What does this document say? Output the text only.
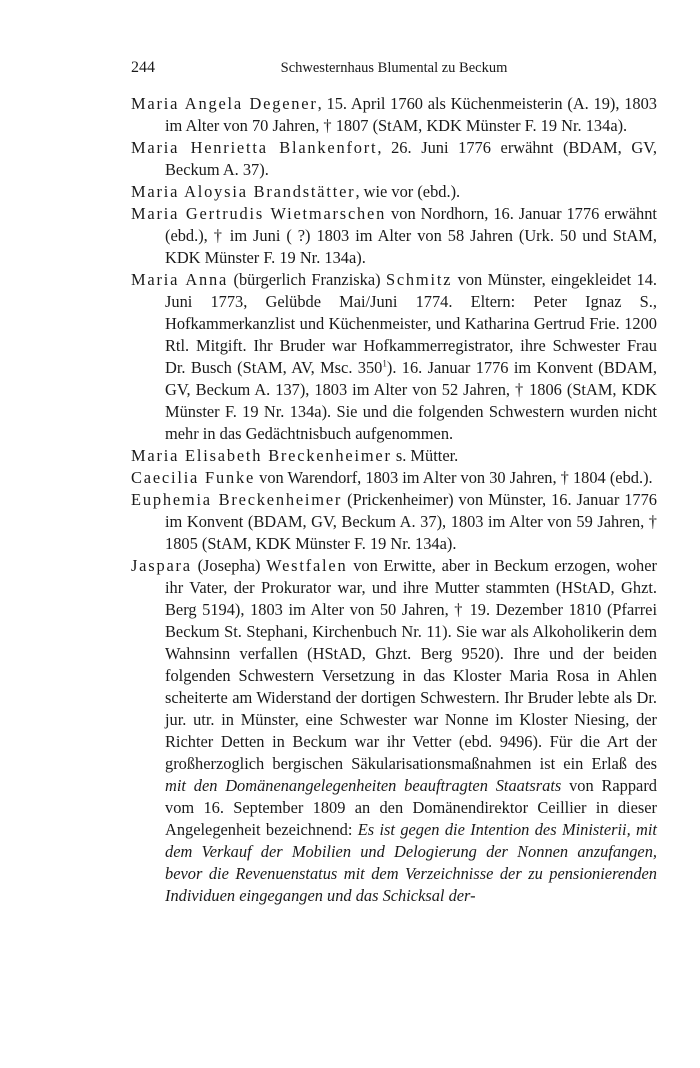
244	Schwesternhaus Blumental zu Beckum

Maria Angela Degener, 15. April 1760 als Küchenmeisterin (A. 19), 1803 im Alter von 70 Jahren, † 1807 (StAM, KDK Münster F. 19 Nr. 134a).

Maria Henrietta Blankenfort, 26. Juni 1776 erwähnt (BDAM, GV, Beckum A. 37).

Maria Aloysia Brandstätter, wie vor (ebd.).

Maria Gertrudis Wietmarschen von Nordhorn, 16. Januar 1776 erwähnt (ebd.), † im Juni ( ?) 1803 im Alter von 58 Jahren (Urk. 50 und StAM, KDK Münster F. 19 Nr. 134a).

Maria Anna (bürgerlich Franziska) Schmitz von Münster, eingekleidet 14. Juni 1773, Gelübde Mai/Juni 1774. Eltern: Peter Ignaz S., Hofkammerkanzlist und Küchenmeister, und Katharina Gertrud Frie. 1200 Rtl. Mitgift. Ihr Bruder war Hofkammerregistrator, ihre Schwester Frau Dr. Busch (StAM, AV, Msc. $350^1$). 16. Januar 1776 im Konvent (BDAM, GV, Beckum A. 137), 1803 im Alter von 52 Jahren, † 1806 (StAM, KDK Münster F. 19 Nr. 134a). Sie und die folgenden Schwestern wurden nicht mehr in das Gedächtnisbuch aufgenommen.

Maria Elisabeth Breckenheimer s. Mütter.

Caecilia Funke von Warendorf, 1803 im Alter von 30 Jahren, † 1804 (ebd.).

Euphemia Breckenheimer (Prickenheimer) von Münster, 16. Januar 1776 im Konvent (BDAM, GV, Beckum A. 37), 1803 im Alter von 59 Jahren, † 1805 (StAM, KDK Münster F. 19 Nr. 134a).

Jaspara (Josepha) Westfalen von Erwitte, aber in Beckum erzogen, woher ihr Vater, der Prokurator war, und ihre Mutter stammten (HStAD, Ghzt. Berg 5194), 1803 im Alter von 50 Jahren, † 19. Dezember 1810 (Pfarrei Beckum St. Stephani, Kirchenbuch Nr. 11). Sie war als Alkoholikerin dem Wahnsinn verfallen (HStAD, Ghzt. Berg 9520). Ihre und der beiden folgenden Schwestern Versetzung in das Kloster Maria Rosa in Ahlen scheiterte am Widerstand der dortigen Schwestern. Ihr Bruder lebte als Dr. jur. utr. in Münster, eine Schwester war Nonne im Kloster Niesing, der Richter Detten in Beckum war ihr Vetter (ebd. 9496). Für die Art der großherzoglich bergischen Säkularisationsmaßnahmen ist ein Erlaß des mit den Domänenangelegenheiten beauftragten Staatsrats von Rappard vom 16. September 1809 an den Domänendirektor Ceillier in dieser Angelegenheit bezeichnend: Es ist gegen die Intention des Ministerii, mit dem Verkauf der Mobilien und Delogierung der Nonnen anzufangen, bevor die Revenuenstatus mit dem Verzeichnisse der zu pensionierenden Individuen eingegangen und das Schicksal der-
